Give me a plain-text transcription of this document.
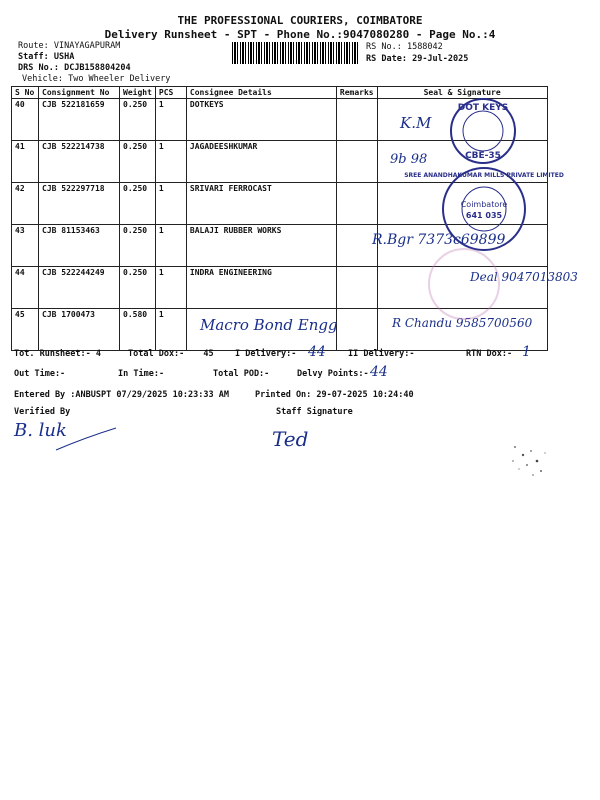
THE PROFESSIONAL COURIERS, COIMBATORE
Delivery Runsheet - SPT - Phone No.:9047080280 - Page No.:4
Route: VINAYAGAPURAM
Staff: USHA
DRS No.: DCJB158804204
Vehicle: Two Wheeler Delivery
RS No.: 1588042
RS Date: 29-Jul-2025
S No	Consignment No	Weight	PCS	Consignee Details	Remarks	Seal & Signature
40	CJB 522181659	0.250	1	DOTKEYS		
41	CJB 522214738	0.250	1	JAGADEESHKUMAR		
42	CJB 522297718	0.250	1	SRIVARI FERROCAST		
43	CJB 81153463	0.250	1	BALAJI RUBBER WORKS		
44	CJB 522244249	0.250	1	INDRA ENGINEERING		
45	CJB 1700473	0.580	1			
Macro Bond Engg
K.M
9b 98
R.Bgr 7373c69899
Deal 9047013803
R Chandu 9585700560
DOT KEYS
CBE-35
SREE ANANDHAKUMAR MILLS PRIVATE LIMITED
Coimbatore
641 035
Tot. Runsheet:- 4	Total Dox:- 45	I Delivery:- 44	II Delivery:-	RTN Dox:- 1
Out Time:-	In Time:-	Total POD:-	Delvy Points:- 44
Entered By :ANBUSPT 07/29/2025 10:23:33 AM	Printed On: 29-07-2025 10:24:40
Verified By	Staff Signature
B. luk	Ted
